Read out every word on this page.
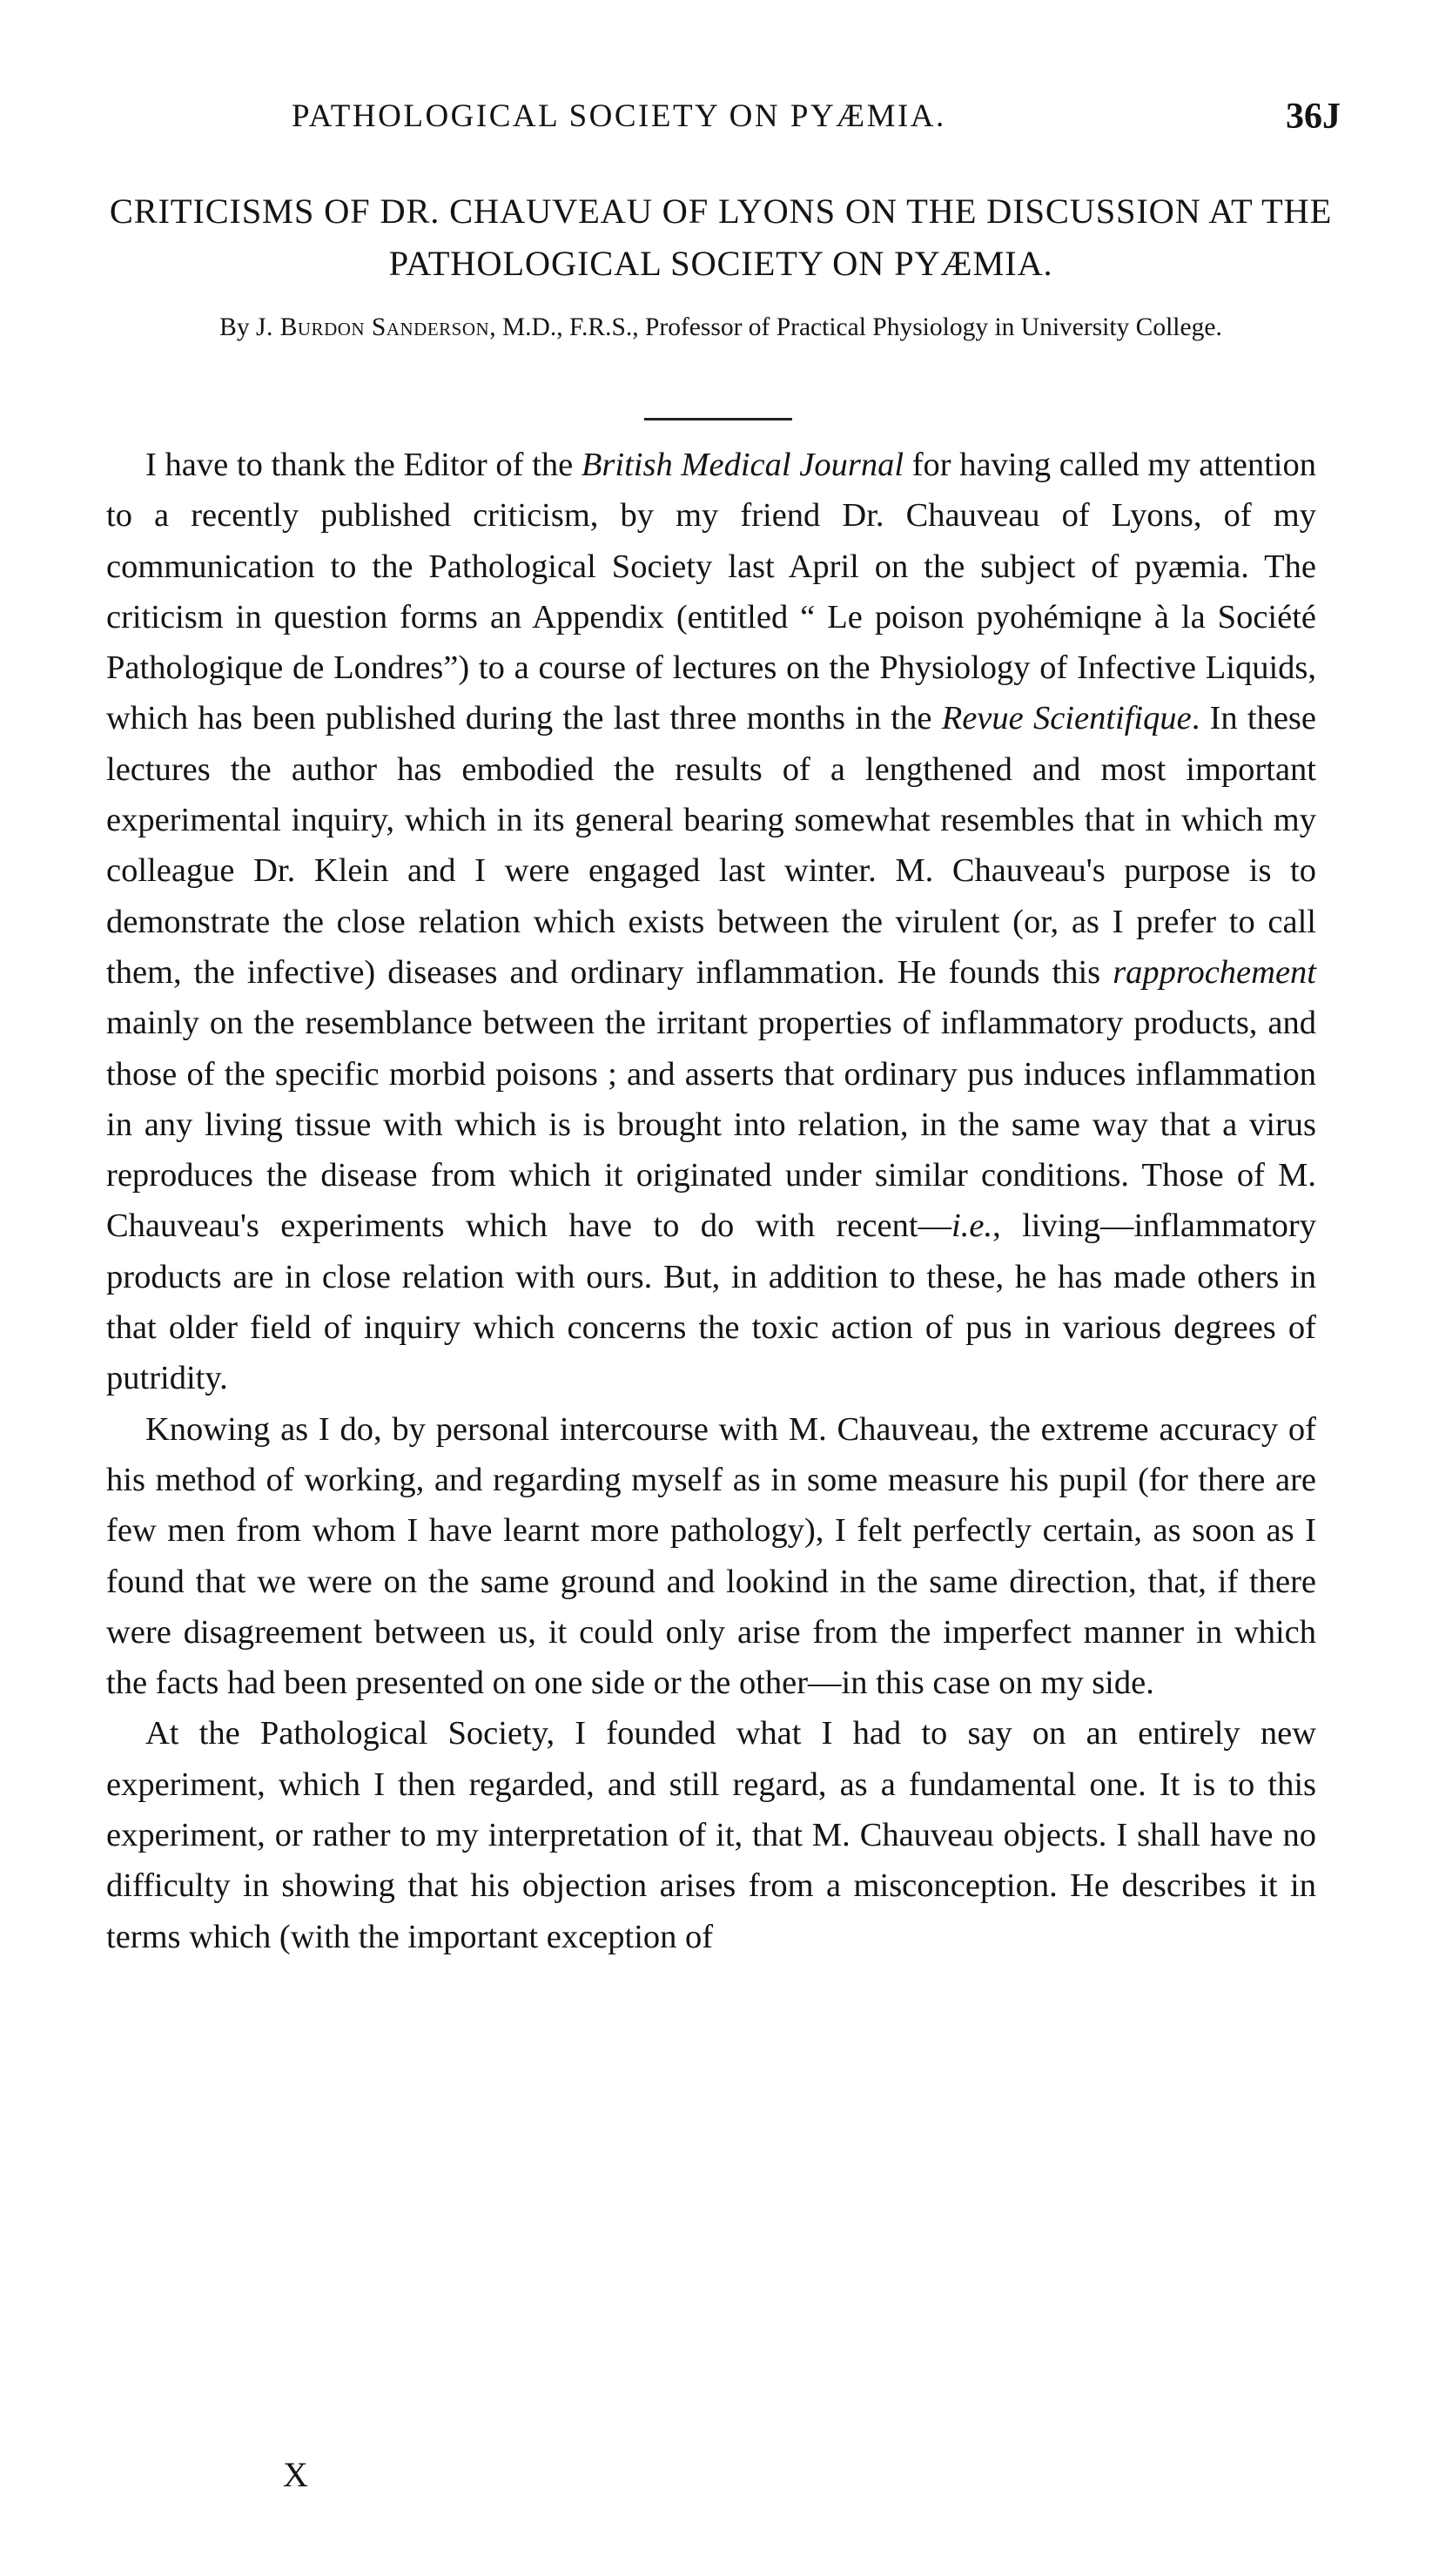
PATHOLOGICAL SOCIETY ON PYÆMIA.	36J
CRITICISMS OF DR. CHAUVEAU OF LYONS ON THE DISCUSSION AT THE PATHOLOGICAL SOCIETY ON PYÆMIA.

By J. Burdon Sanderson, M.D., F.R.S., Professor of Practical Physiology in University College.

I have to thank the Editor of the British Medical Journal for having called my attention to a recently published criticism, by my friend Dr. Chauveau of Lyons, of my communication to the Pathological Society last April on the subject of pyæmia. The criticism in question forms an Appendix (entitled “ Le poison pyohémiqne à la Société Pathologique de Londres”) to a course of lectures on the Physiology of Infective Liquids, which has been published during the last three months in the Revue Scientifique. In these lectures the author has embodied the results of a lengthened and most important experimental inquiry, which in its general bearing somewhat resembles that in which my colleague Dr. Klein and I were engaged last winter. M. Chauveau's purpose is to demonstrate the close relation which exists between the virulent (or, as I prefer to call them, the infective) diseases and ordinary inflammation. He founds this rapprochement mainly on the resemblance between the irritant properties of inflammatory products, and those of the specific morbid poisons ; and asserts that ordinary pus induces inflammation in any living tissue with which is is brought into relation, in the same way that a virus reproduces the disease from which it originated under similar conditions. Those of M. Chauveau's experiments which have to do with recent—i.e., living—inflammatory products are in close relation with ours. But, in addition to these, he has made others in that older field of inquiry which concerns the toxic action of pus in various degrees of putridity.

Knowing as I do, by personal intercourse with M. Chauveau, the extreme accuracy of his method of working, and regarding myself as in some measure his pupil (for there are few men from whom I have learnt more pathology), I felt perfectly certain, as soon as I found that we were on the same ground and lookind in the same direction, that, if there were disagreement between us, it could only arise from the imperfect manner in which the facts had been presented on one side or the other—in this case on my side.

At the Pathological Society, I founded what I had to say on an entirely new experiment, which I then regarded, and still regard, as a fundamental one. It is to this experiment, or rather to my interpretation of it, that M. Chauveau objects. I shall have no difficulty in showing that his objection arises from a misconception. He describes it in terms which (with the important exception of

X
